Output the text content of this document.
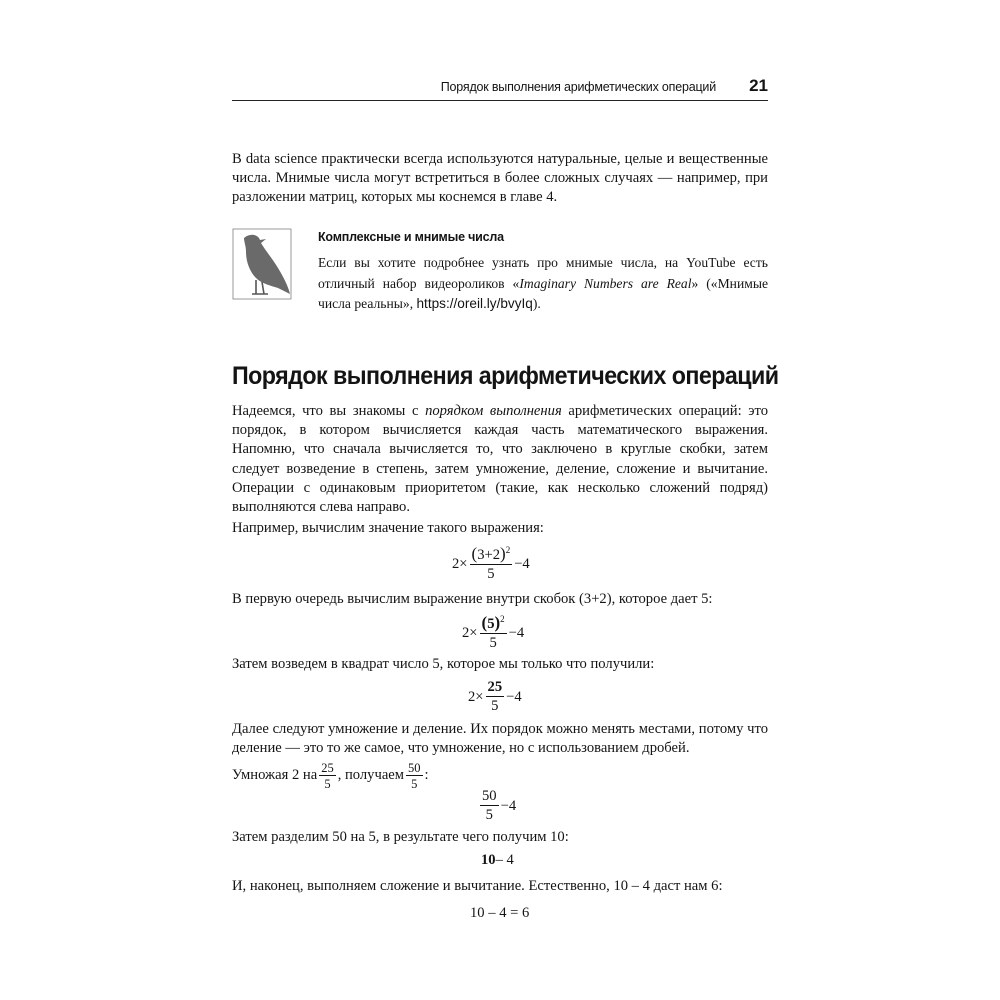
Порядок выполнения арифметических операций 21

В data science практически всегда используются натуральные, целые и вещественные числа. Мнимые числа могут встретиться в более сложных случаях — например, при разложении матриц, которых мы коснемся в главе 4.

Комплексные и мнимые числа

Если вы хотите подробнее узнать про мнимые числа, на YouTube есть отличный набор видеороликов «Imaginary Numbers are Real» («Мнимые числа реальны», https://oreil.ly/bvyIq).

Порядок выполнения арифметических операций

Надеемся, что вы знакомы с порядком выполнения арифметических операций: это порядок, в котором вычисляется каждая часть математического выражения. Напомню, что сначала вычисляется то, что заключено в круглые скобки, затем следует возведение в степень, затем умножение, деление, сложение и вычитание. Операции с одинаковым приоритетом (такие, как несколько сложений подряд) выполняются слева направо.

Например, вычислим значение такого выражения:

$2\times \frac{(3+2)^2}{5} -4$

В первую очередь вычислим выражение внутри скобок (3+2), которое дает 5:

$2\times \frac{(5)^2}{5} -4$

Затем возведем в квадрат число 5, которое мы только что получили:

$2\times \frac{25}{5} -4$

Далее следуют умножение и деление. Их порядок можно менять местами, потому что деление — это то же самое, что умножение, но с использованием дробей.

Умножая 2 на $\frac{25}{5}$ , получаем $\frac{50}{5}$ :
$\frac{50}{5} -4$

Затем разделим 50 на 5, в результате чего получим 10:

10 – 4

И, наконец, выполняем сложение и вычитание. Естественно, 10 – 4 даст нам 6:

10 – 4 = 6
